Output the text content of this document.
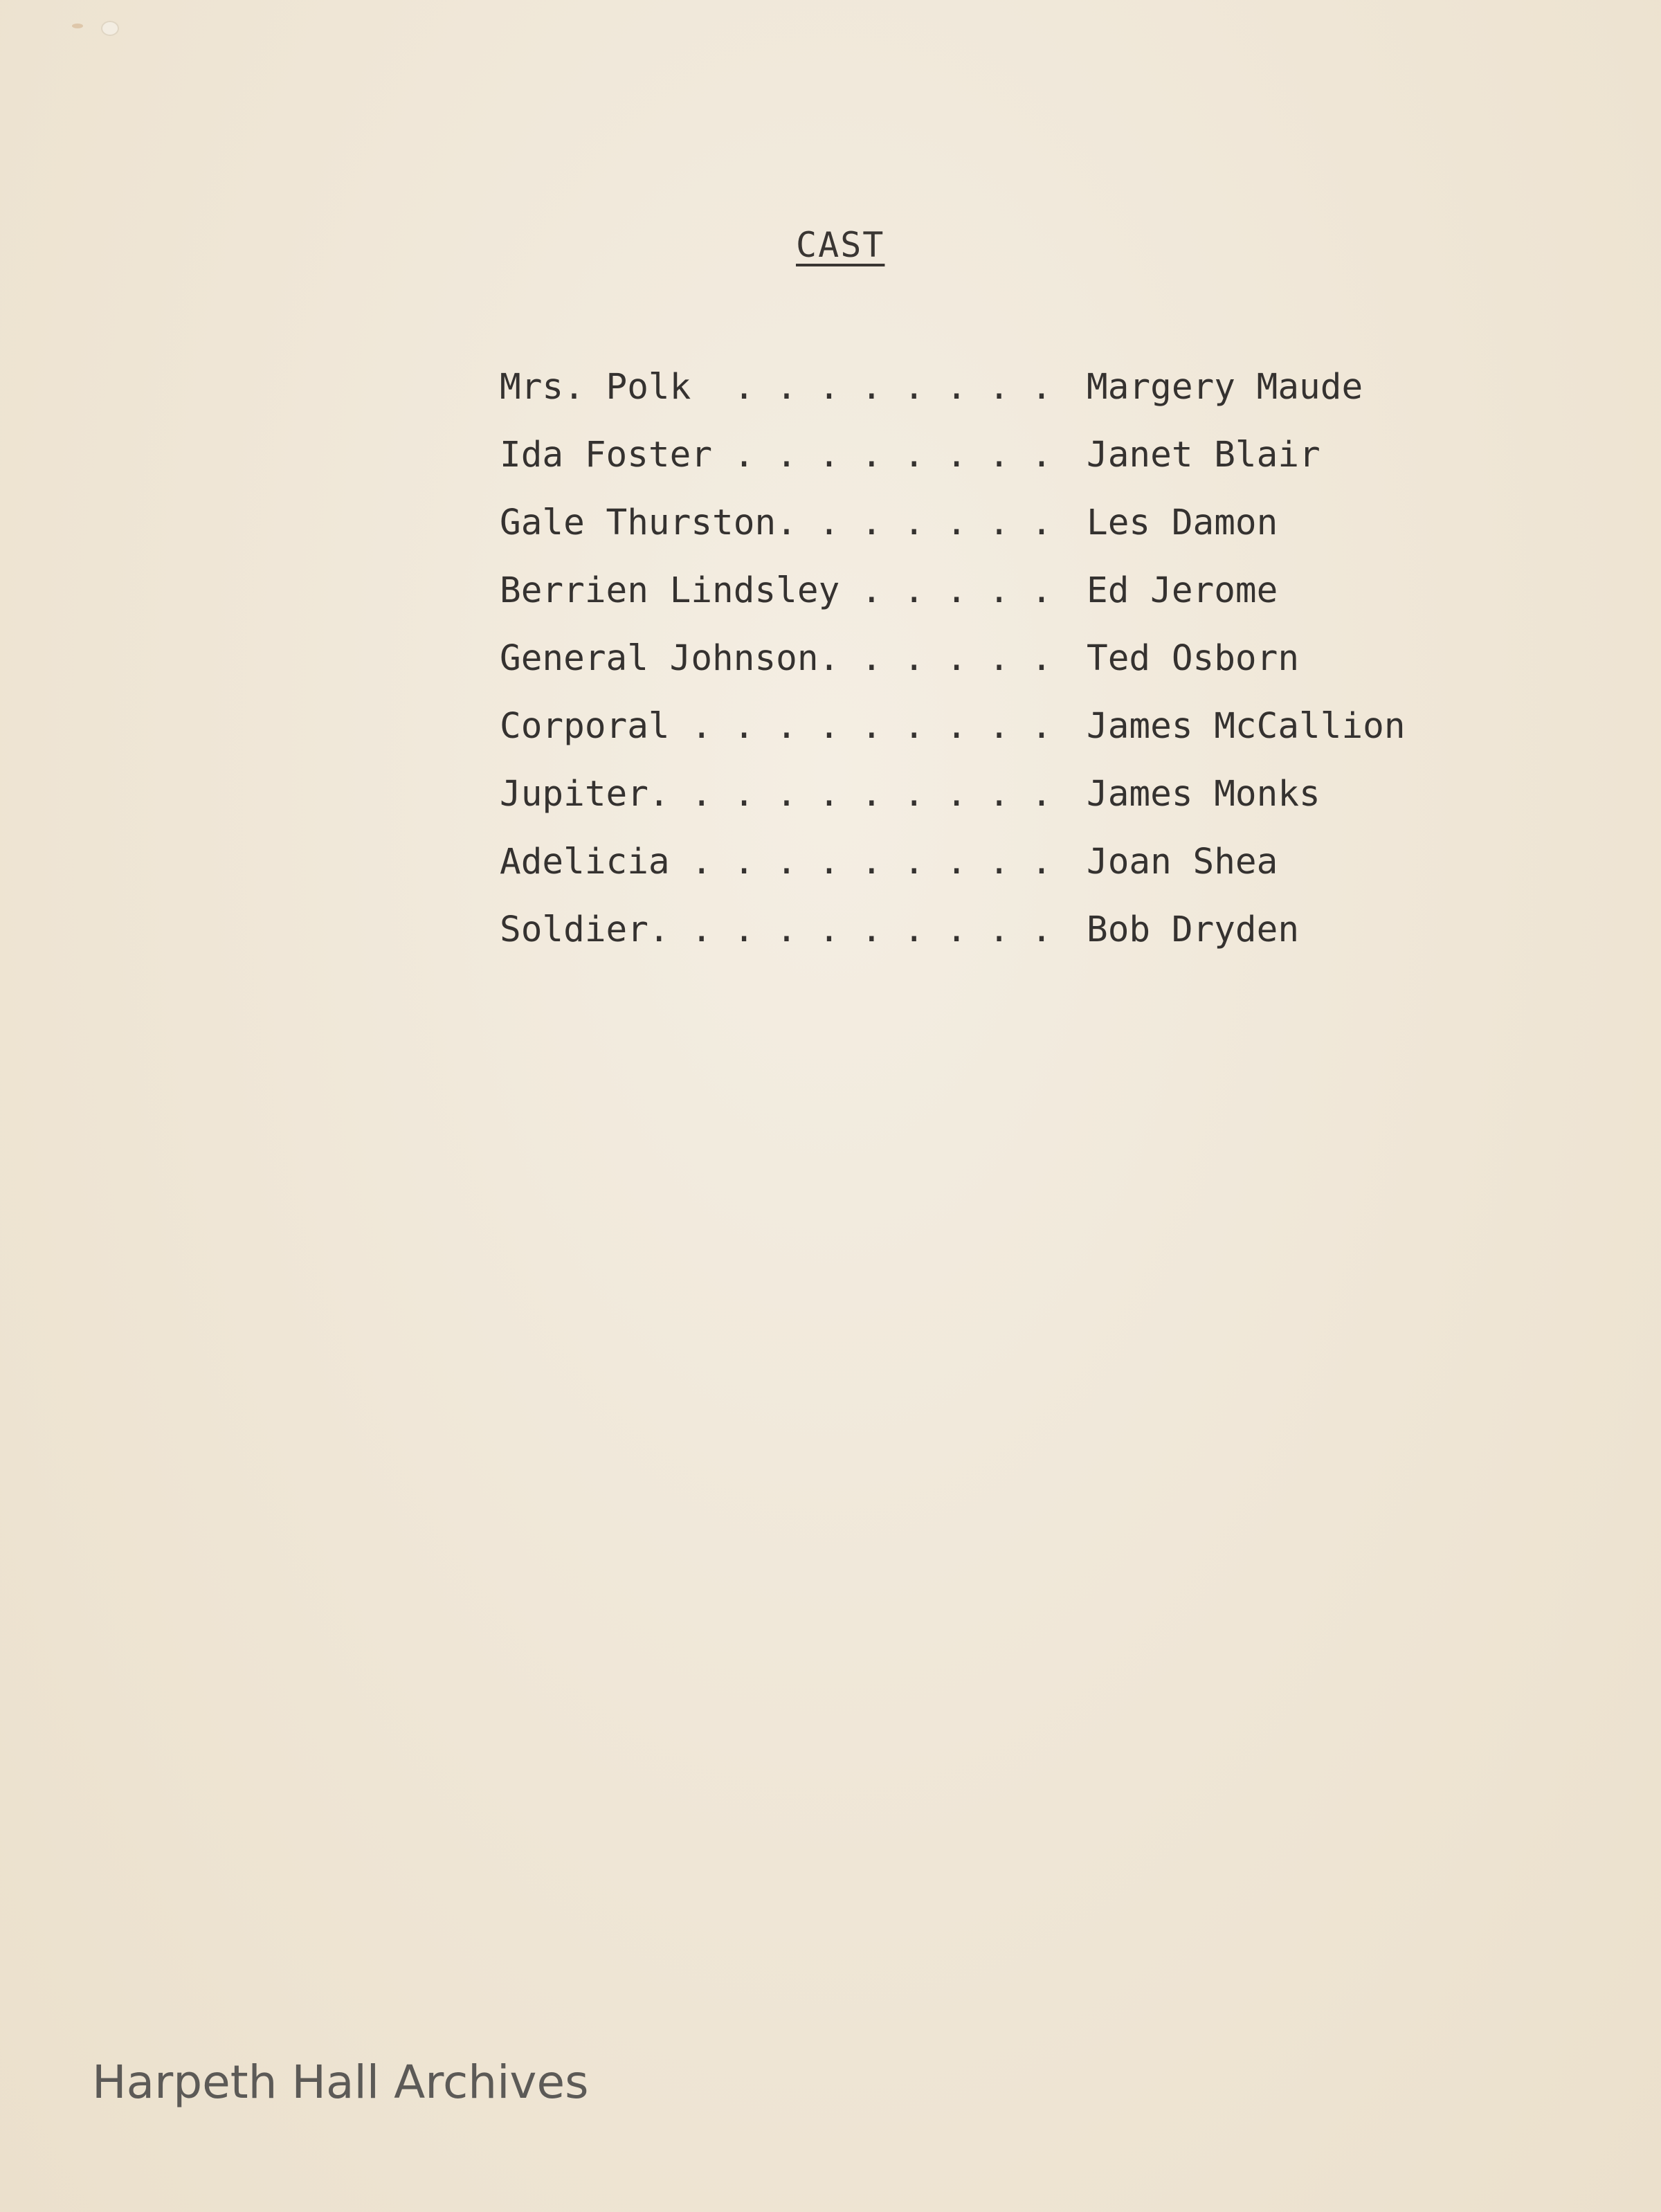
CAST

Mrs. Polk  . . . . . . . .

Margery Maude

Ida Foster . . . . . . . .

Janet Blair

Gale Thurston. . . . . . .

Les Damon

Berrien Lindsley . . . . .

Ed Jerome

General Johnson. . . . . .

Ted Osborn

Corporal . . . . . . . . .

James McCallion

Jupiter. . . . . . . . . .

James Monks

Adelicia . . . . . . . . .

Joan Shea

Soldier. . . . . . . . . .

Bob Dryden

Harpeth Hall Archives
